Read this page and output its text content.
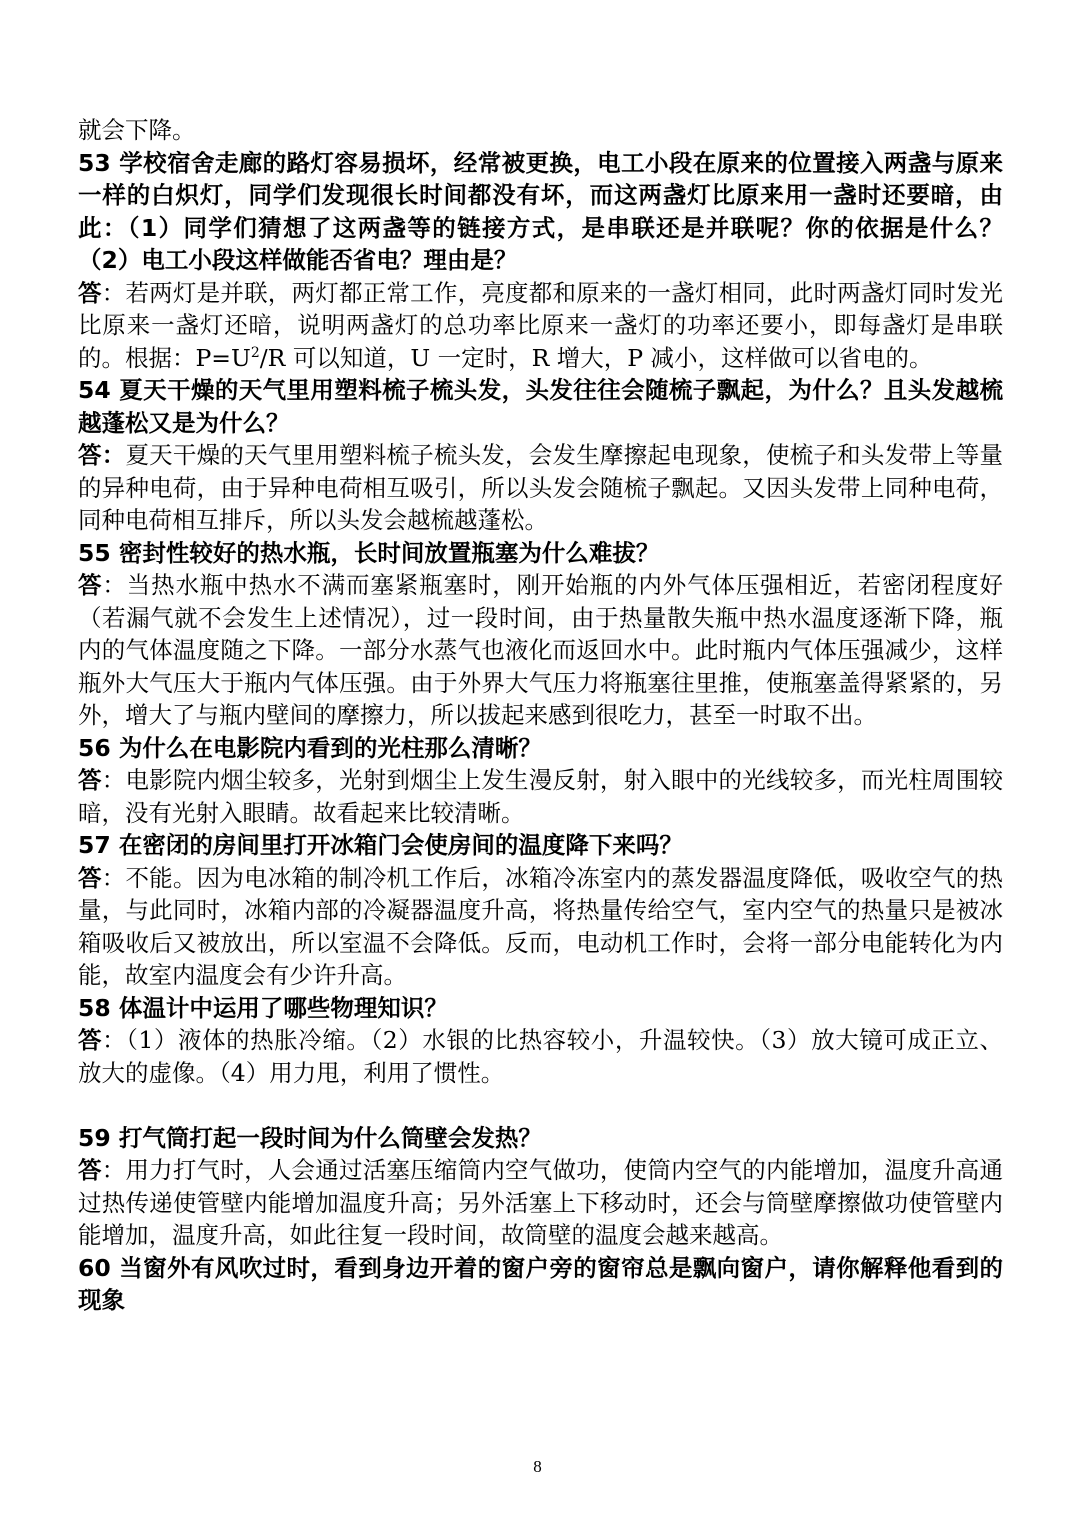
就会下降。

53 学校宿舍走廊的路灯容易损坏，经常被更换，电工小段在原来的位置接入两盏与原来一样的白炽灯，同学们发现很长时间都没有坏，而这两盏灯比原来用一盏时还要暗，由此：（1）同学们猜想了这两盏等的链接方式，是串联还是并联呢？你的依据是什么？（2）电工小段这样做能否省电？理由是？

答：若两灯是并联，两灯都正常工作，亮度都和原来的一盏灯相同，此时两盏灯同时发光比原来一盏灯还暗，说明两盏灯的总功率比原来一盏灯的功率还要小，即每盏灯是串联的。根据：$P=U^2/R$ 可以知道，U 一定时，R 增大，P 减小，这样做可以省电的。

54 夏天干燥的天气里用塑料梳子梳头发，头发往往会随梳子飘起，为什么？且头发越梳越蓬松又是为什么？

答：夏天干燥的天气里用塑料梳子梳头发，会发生摩擦起电现象，使梳子和头发带上等量的异种电荷，由于异种电荷相互吸引，所以头发会随梳子飘起。又因头发带上同种电荷，同种电荷相互排斥，所以头发会越梳越蓬松。

55 密封性较好的热水瓶，长时间放置瓶塞为什么难拔？

答：当热水瓶中热水不满而塞紧瓶塞时，刚开始瓶的内外气体压强相近，若密闭程度好（若漏气就不会发生上述情况），过一段时间，由于热量散失瓶中热水温度逐渐下降，瓶内的气体温度随之下降。一部分水蒸气也液化而返回水中。此时瓶内气体压强减少，这样瓶外大气压大于瓶内气体压强。由于外界大气压力将瓶塞往里推，使瓶塞盖得紧紧的，另外，增大了与瓶内壁间的摩擦力，所以拔起来感到很吃力，甚至一时取不出。

56 为什么在电影院内看到的光柱那么清晰？

答：电影院内烟尘较多，光射到烟尘上发生漫反射，射入眼中的光线较多，而光柱周围较暗，没有光射入眼睛。故看起来比较清晰。

57 在密闭的房间里打开冰箱门会使房间的温度降下来吗？

答：不能。因为电冰箱的制冷机工作后，冰箱冷冻室内的蒸发器温度降低，吸收空气的热量，与此同时，冰箱内部的冷凝器温度升高，将热量传给空气，室内空气的热量只是被冰箱吸收后又被放出，所以室温不会降低。反而，电动机工作时，会将一部分电能转化为内能，故室内温度会有少许升高。

58 体温计中运用了哪些物理知识？

答：（1）液体的热胀冷缩。（2）水银的比热容较小，升温较快。（3）放大镜可成正立、放大的虚像。（4）用力甩，利用了惯性。

59 打气筒打起一段时间为什么筒壁会发热？

答：用力打气时，人会通过活塞压缩筒内空气做功，使筒内空气的内能增加，温度升高通过热传递使管壁内能增加温度升高；另外活塞上下移动时，还会与筒壁摩擦做功使管壁内能增加，温度升高，如此往复一段时间，故筒壁的温度会越来越高。

60 当窗外有风吹过时，看到身边开着的窗户旁的窗帘总是飘向窗户，请你解释他看到的现象

8
